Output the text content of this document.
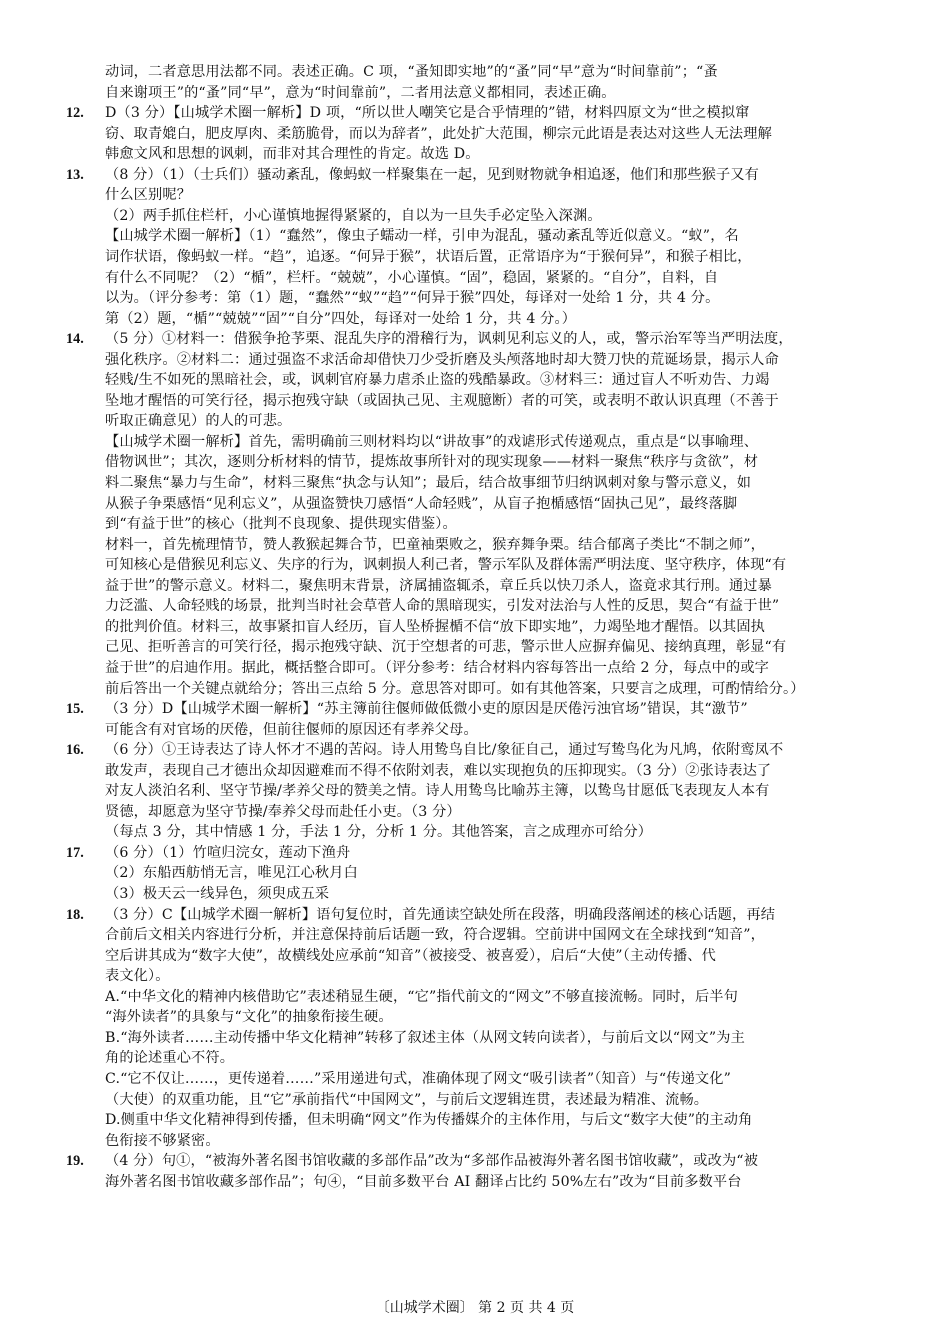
动词，二者意思用法都不同。表述正确。C 项，“蚤知即实地”的“蚤”同“早”意为“时间靠前”；“蚤
自来谢项王”的“蚤”同“早”，意为“时间靠前”，二者用法意义都相同，表述正确。
12.	D（3 分）【山城学术圈一解析】D 项，“所以世人嘲笑它是合乎情理的”错，材料四原文为“世之模拟窜
窃、取青媲白，肥皮厚肉、柔筋脆骨，而以为辞者”，此处扩大范围，柳宗元此语是表达对这些人无法理解
韩愈文风和思想的讽刺，而非对其合理性的肯定。故选 D。
13.	（8 分）（1）（士兵们）骚动紊乱，像蚂蚁一样聚集在一起，见到财物就争相追逐，他们和那些猴子又有
什么区别呢？
（2）两手抓住栏杆，小心谨慎地握得紧紧的，自以为一旦失手必定坠入深渊。
【山城学术圈一解析】（1）“蠢然”，像虫子蠕动一样，引申为混乱，骚动紊乱等近似意义。“蚁”，名
词作状语，像蚂蚁一样。“趋”，追逐。“何异于猴”，状语后置，正常语序为“于猴何异”，和猴子相比，
有什么不同呢？（2）“楯”，栏杆。“兢兢”，小心谨慎。“固”，稳固，紧紧的。“自分”，自料，自
以为。（评分参考：第（1）题，“蠢然”“蚁”“趋”“何异于猴”四处，每译对一处给 1 分，共 4 分。
第（2）题，“楯”“兢兢”“固”“自分”四处，每译对一处给 1 分，共 4 分。）
14.	（5 分）①材料一：借猴争抢芧栗、混乱失序的滑稽行为，讽刺见利忘义的人，或，警示治军等当严明法度，
强化秩序。②材料二：通过强盗不求活命却借快刀少受折磨及头颅落地时却大赞刀快的荒诞场景，揭示人命
轻贱/生不如死的黑暗社会，或，讽刺官府暴力虐杀止盗的残酷暴政。③材料三：通过盲人不听劝告、力竭
坠地才醒悟的可笑行径，揭示抱残守缺（或固执己见、主观臆断）者的可笑，或表明不敢认识真理（不善于
听取正确意见）的人的可悲。
【山城学术圈一解析】首先，需明确前三则材料均以“讲故事”的戏谑形式传递观点，重点是“以事喻理、
借物讽世”；其次，逐则分析材料的情节，提炼故事所针对的现实现象——材料一聚焦“秩序与贪欲”，材
料二聚焦“暴力与生命”，材料三聚焦“执念与认知”；最后，结合故事细节归纳讽刺对象与警示意义，如
从猴子争栗感悟“见利忘义”，从强盗赞快刀感悟“人命轻贱”，从盲子抱楯感悟“固执己见”，最终落脚
到“有益于世”的核心（批判不良现象、提供现实借鉴）。
材料一，首先梳理情节，赞人教猴起舞合节，巴童袖栗败之，猴弃舞争栗。结合郁离子类比“不制之师”，
可知核心是借猴见利忘义、失序的行为，讽刺损人利己者，警示军队及群体需严明法度、坚守秩序，体现“有
益于世”的警示意义。材料二，聚焦明末背景，济属捕盗辄杀，章丘兵以快刀杀人，盗竟求其行刑。通过暴
力泛滥、人命轻贱的场景，批判当时社会草菅人命的黑暗现实，引发对法治与人性的反思，契合“有益于世”
的批判价值。材料三，故事紧扣盲人经历，盲人坠桥握楯不信“放下即实地”，力竭坠地才醒悟。以其固执
己见、拒听善言的可笑行径，揭示抱残守缺、沉于空想者的可悲，警示世人应摒弃偏见、接纳真理，彰显“有
益于世”的启迪作用。据此，概括整合即可。（评分参考：结合材料内容每答出一点给 2 分，每点中的或字
前后答出一个关键点就给分；答出三点给 5 分。意思答对即可。如有其他答案，只要言之成理，可酌情给分。）
15.	（3 分）D【山城学术圈一解析】“苏主簿前往偃师做低微小吏的原因是厌倦污浊官场”错误，其“激节”
可能含有对官场的厌倦，但前往偃师的原因还有孝养父母。
16.	（6 分）①王诗表达了诗人怀才不遇的苦闷。诗人用鸷鸟自比/象征自己，通过写鸷鸟化为凡鸠，依附鸾凤不
敢发声，表现自己才德出众却因避难而不得不依附刘表，难以实现抱负的压抑现实。（3 分）②张诗表达了
对友人淡泊名利、坚守节操/孝养父母的赞美之情。诗人用鸷鸟比喻苏主簿，以鸷鸟甘愿低飞表现友人本有
贤德，却愿意为坚守节操/奉养父母而赴任小吏。（3 分）
（每点 3 分，其中情感 1 分，手法 1 分，分析 1 分。其他答案，言之成理亦可给分）
17.	（6 分）（1）竹喧归浣女，莲动下渔舟
（2）东船西舫悄无言，唯见江心秋月白
（3）极天云一线异色，须臾成五采
18.	（3 分）C【山城学术圈一解析】语句复位时，首先通读空缺处所在段落，明确段落阐述的核心话题，再结
合前后文相关内容进行分析，并注意保持前后话题一致，符合逻辑。空前讲中国网文在全球找到“知音”，
空后讲其成为“数字大使”，故横线处应承前“知音”（被接受、被喜爱），启后“大使”（主动传播、代
表文化）。
A.“中华文化的精神内核借助它”表述稍显生硬，“它”指代前文的“网文”不够直接流畅。同时，后半句
“海外读者”的具象与“文化”的抽象衔接生硬。
B.“海外读者……主动传播中华文化精神”转移了叙述主体（从网文转向读者），与前后文以“网文”为主
角的论述重心不符。
C.“它不仅让……，更传递着……”采用递进句式，准确体现了网文“吸引读者”（知音）与“传递文化”
（大使）的双重功能，且“它”承前指代“中国网文”，与前后文逻辑连贯，表述最为精准、流畅。
D.侧重中华文化精神得到传播，但未明确“网文”作为传播媒介的主体作用，与后文“数字大使”的主动角
色衔接不够紧密。
19.	（4 分）句①，“被海外著名图书馆收藏的多部作品”改为“多部作品被海外著名图书馆收藏”，或改为“被
海外著名图书馆收藏多部作品”；句④，“目前多数平台 AI 翻译占比约 50%左右”改为“目前多数平台
〔山城学术圈〕 第 2 页 共 4 页
